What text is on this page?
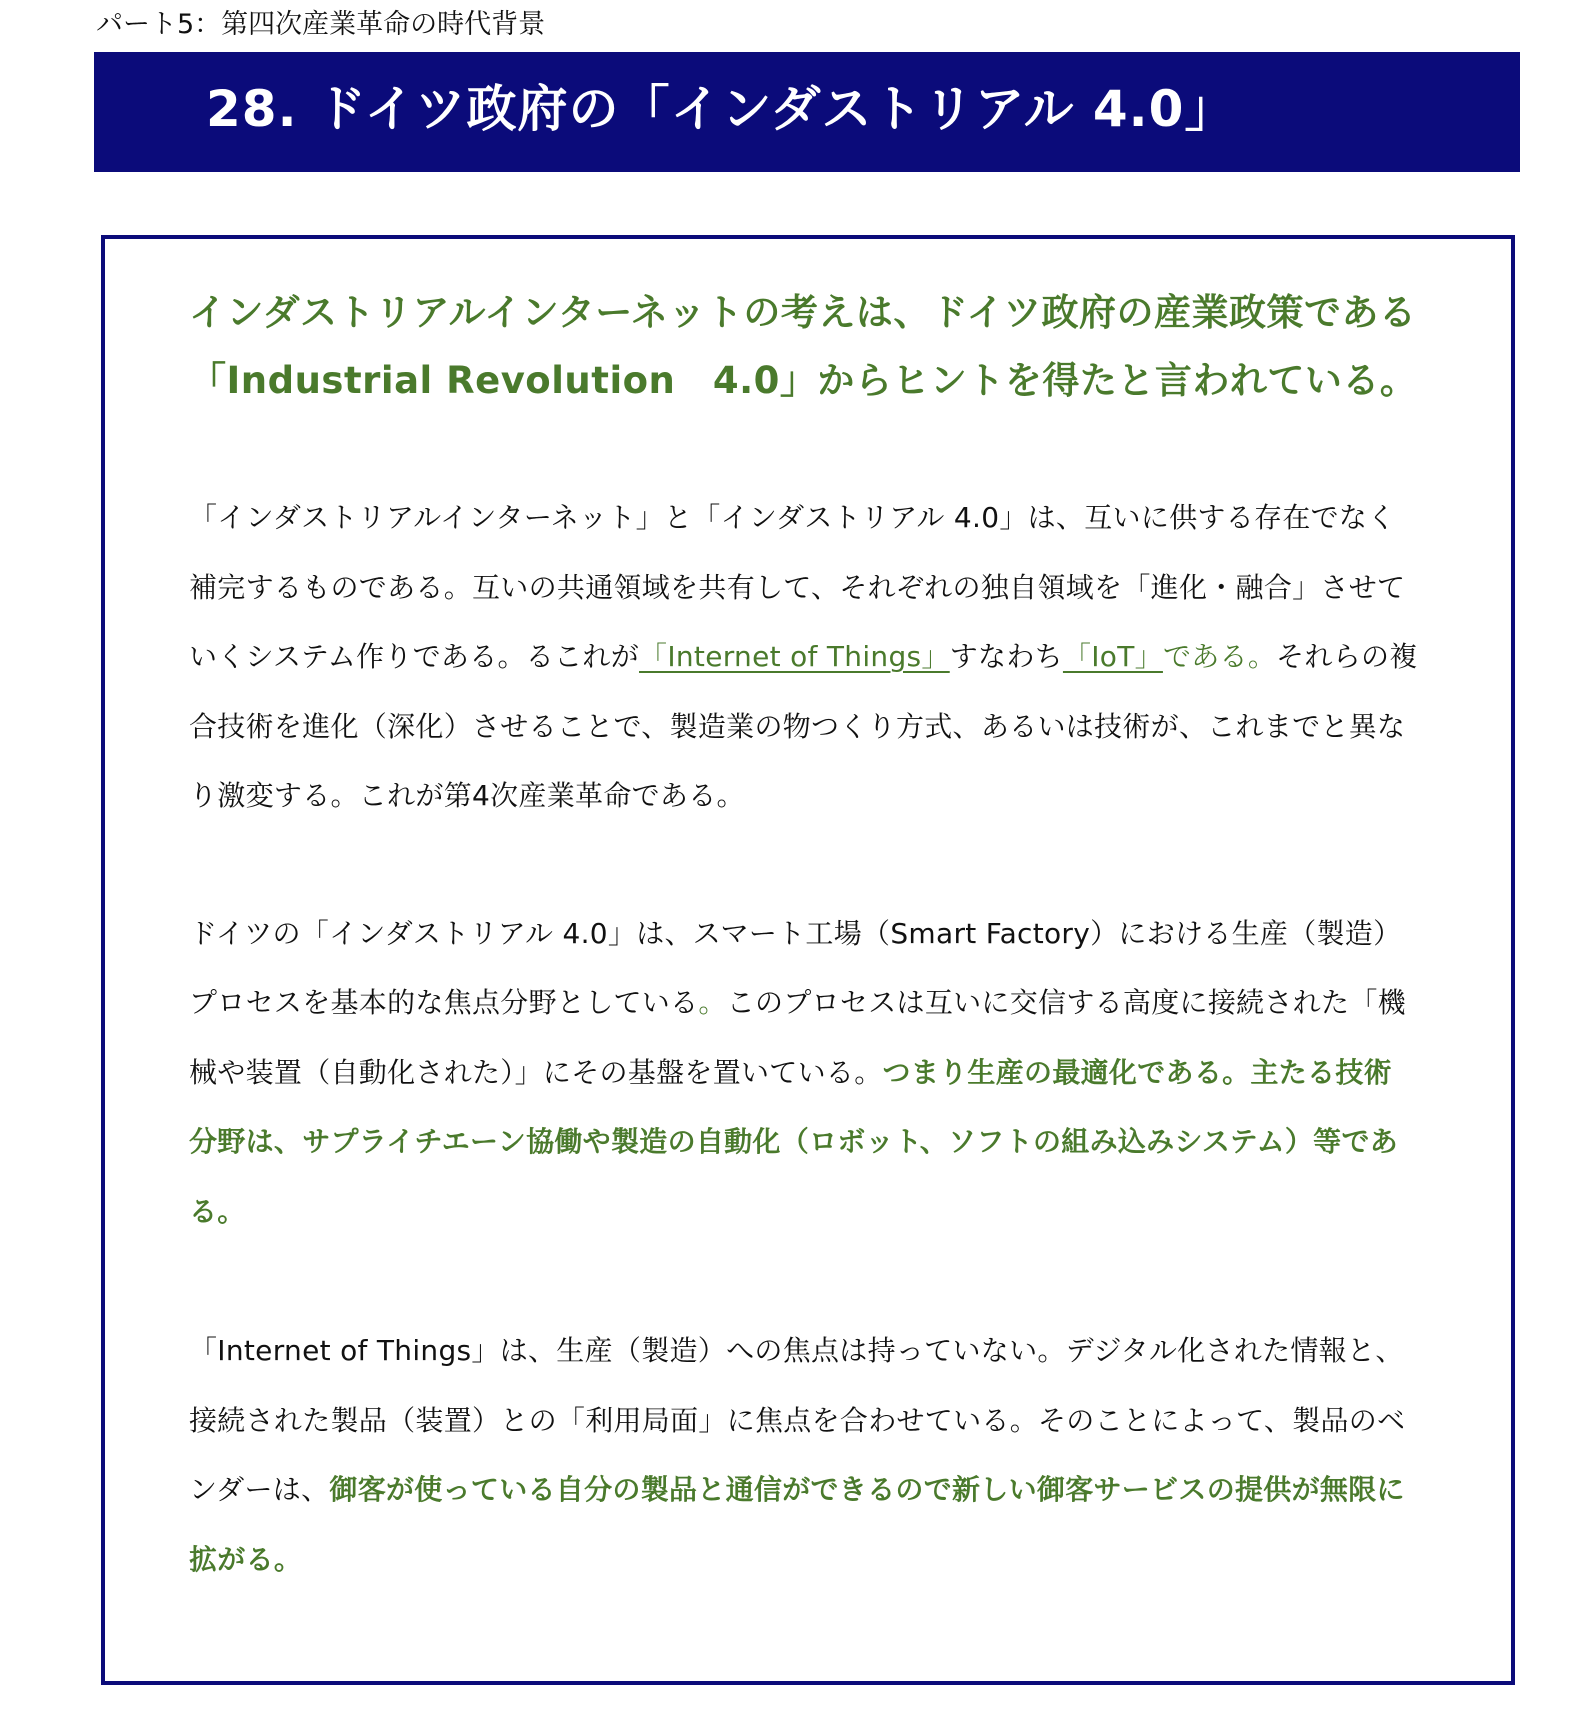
パート5：第四次産業革命の時代背景
28. ドイツ政府の「インダストリアル 4.0」

インダストリアルインターネットの考えは、ドイツ政府の産業政策である「Industrial Revolution　4.0」からヒントを得たと言われている。

「インダストリアルインターネット」と「インダストリアル 4.0」は、互いに供する存在でなく補完するものである。互いの共通領域を共有して、それぞれの独自領域を「進化・融合」させていくシステム作りである。るこれが「Internet of Things」すなわち「IoT」である。それらの複合技術を進化（深化）させることで、製造業の物つくり方式、あるいは技術が、これまでと異なり激変する。これが第4次産業革命である。

ドイツの「インダストリアル 4.0」は、スマート工場（Smart Factory）における生産（製造）プロセスを基本的な焦点分野としている。このプロセスは互いに交信する高度に接続された「機械や装置（自動化された）」にその基盤を置いている。つまり生産の最適化である。主たる技術分野は、サプライチエーン協働や製造の自動化（ロボット、ソフトの組み込みシステム）等である。

「Internet of Things」は、生産（製造）への焦点は持っていない。デジタル化された情報と、接続された製品（装置）との「利用局面」に焦点を合わせている。そのことによって、製品のベンダーは、御客が使っている自分の製品と通信ができるので新しい御客サービスの提供が無限に拡がる。
